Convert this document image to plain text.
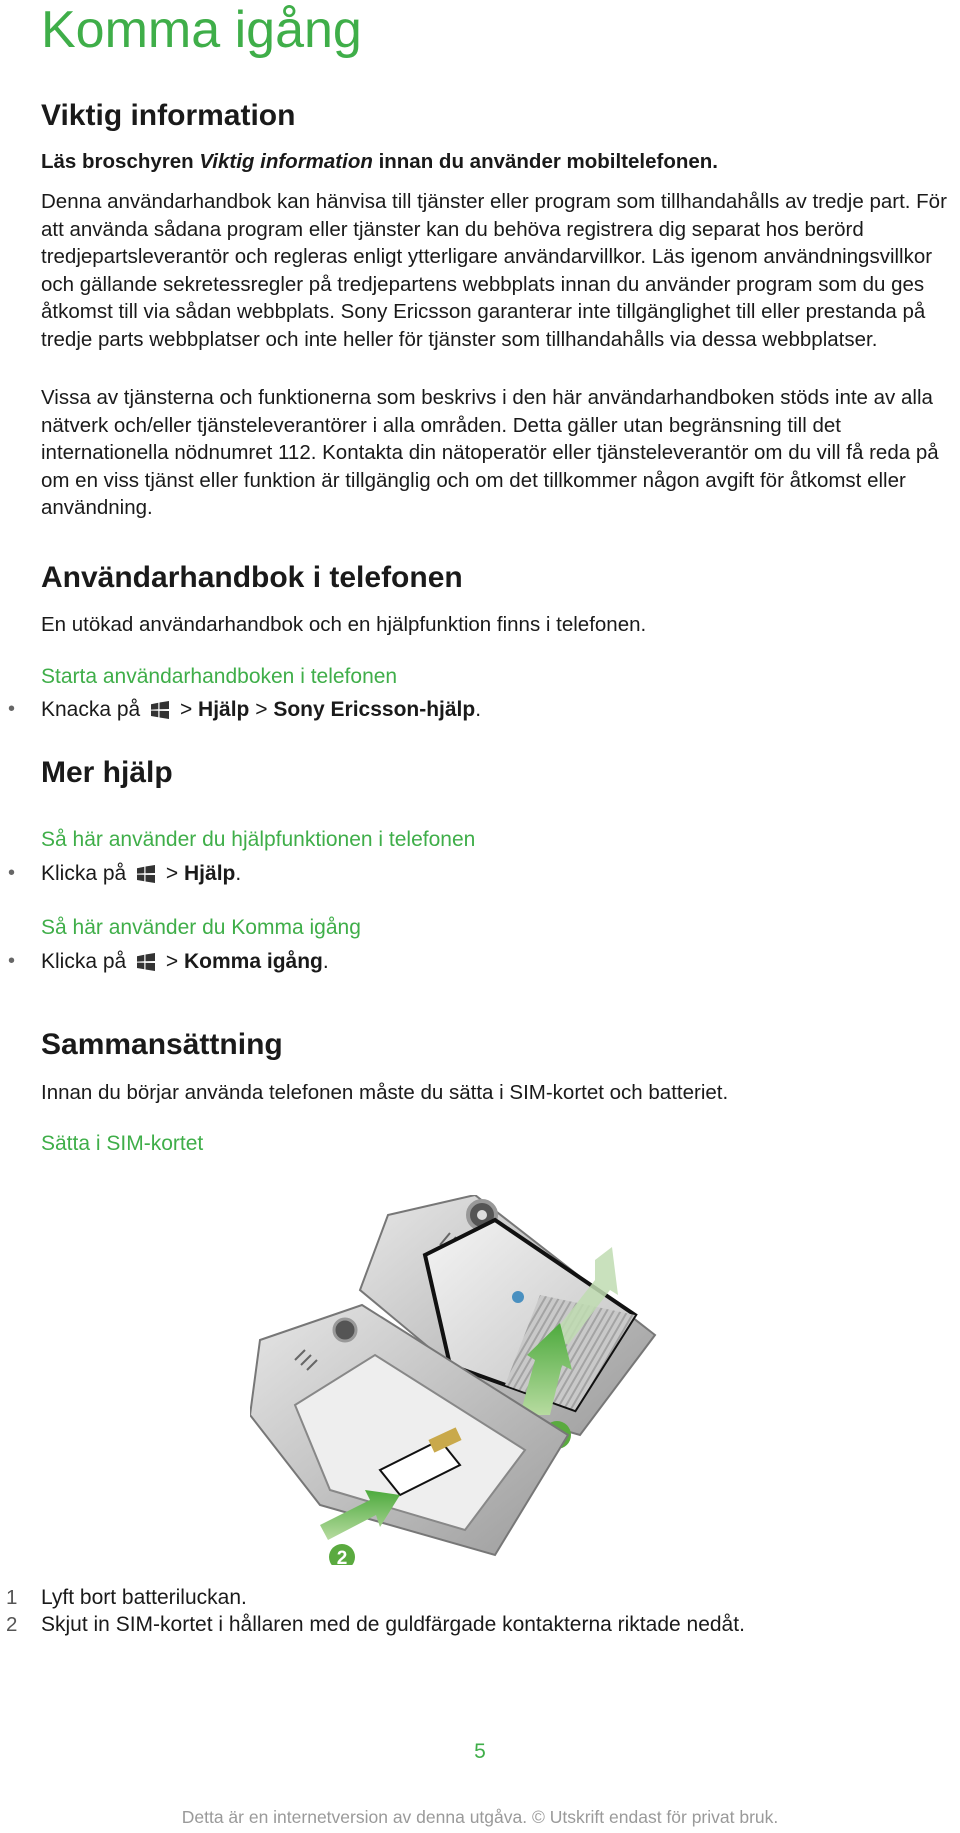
Komma igång
Viktig information

Läs broschyren Viktig information innan du använder mobiltelefonen.

Denna användarhandbok kan hänvisa till tjänster eller program som tillhandahålls av tredje part. För att använda sådana program eller tjänster kan du behöva registrera dig separat hos berörd tredjepartsleverantör och regleras enligt ytterligare användarvillkor. Läs igenom användningsvillkor och gällande sekretessregler på tredjepartens webbplats innan du använder program som du ges åtkomst till via sådan webbplats. Sony Ericsson garanterar inte tillgänglighet till eller prestanda på tredje parts webbplatser och inte heller för tjänster som tillhandahålls via dessa webbplatser.

Vissa av tjänsterna och funktionerna som beskrivs i den här användarhandboken stöds inte av alla nätverk och/eller tjänsteleverantörer i alla områden. Detta gäller utan begränsning till det internationella nödnumret 112. Kontakta din nätoperatör eller tjänsteleverantör om du vill få reda på om en viss tjänst eller funktion är tillgänglig och om det tillkommer någon avgift för åtkomst eller användning.

Användarhandbok i telefonen

En utökad användarhandbok och en hjälpfunktion finns i telefonen.

Starta användarhandboken i telefonen
• Knacka på > Hjälp > Sony Ericsson-hjälp.
Mer hjälp
Så här använder du hjälpfunktionen i telefonen
• Klicka på > Hjälp.
Så här använder du Komma igång
• Klicka på > Komma igång.
Sammansättning

Innan du börjar använda telefonen måste du sätta i SIM-kortet och batteriet.

Sätta i SIM-kortet
2
1 Lyft bort batteriluckan.
2 Skjut in SIM-kortet i hållaren med de guldfärgade kontakterna riktade nedåt.
5
Detta är en internetversion av denna utgåva. © Utskrift endast för privat bruk.
